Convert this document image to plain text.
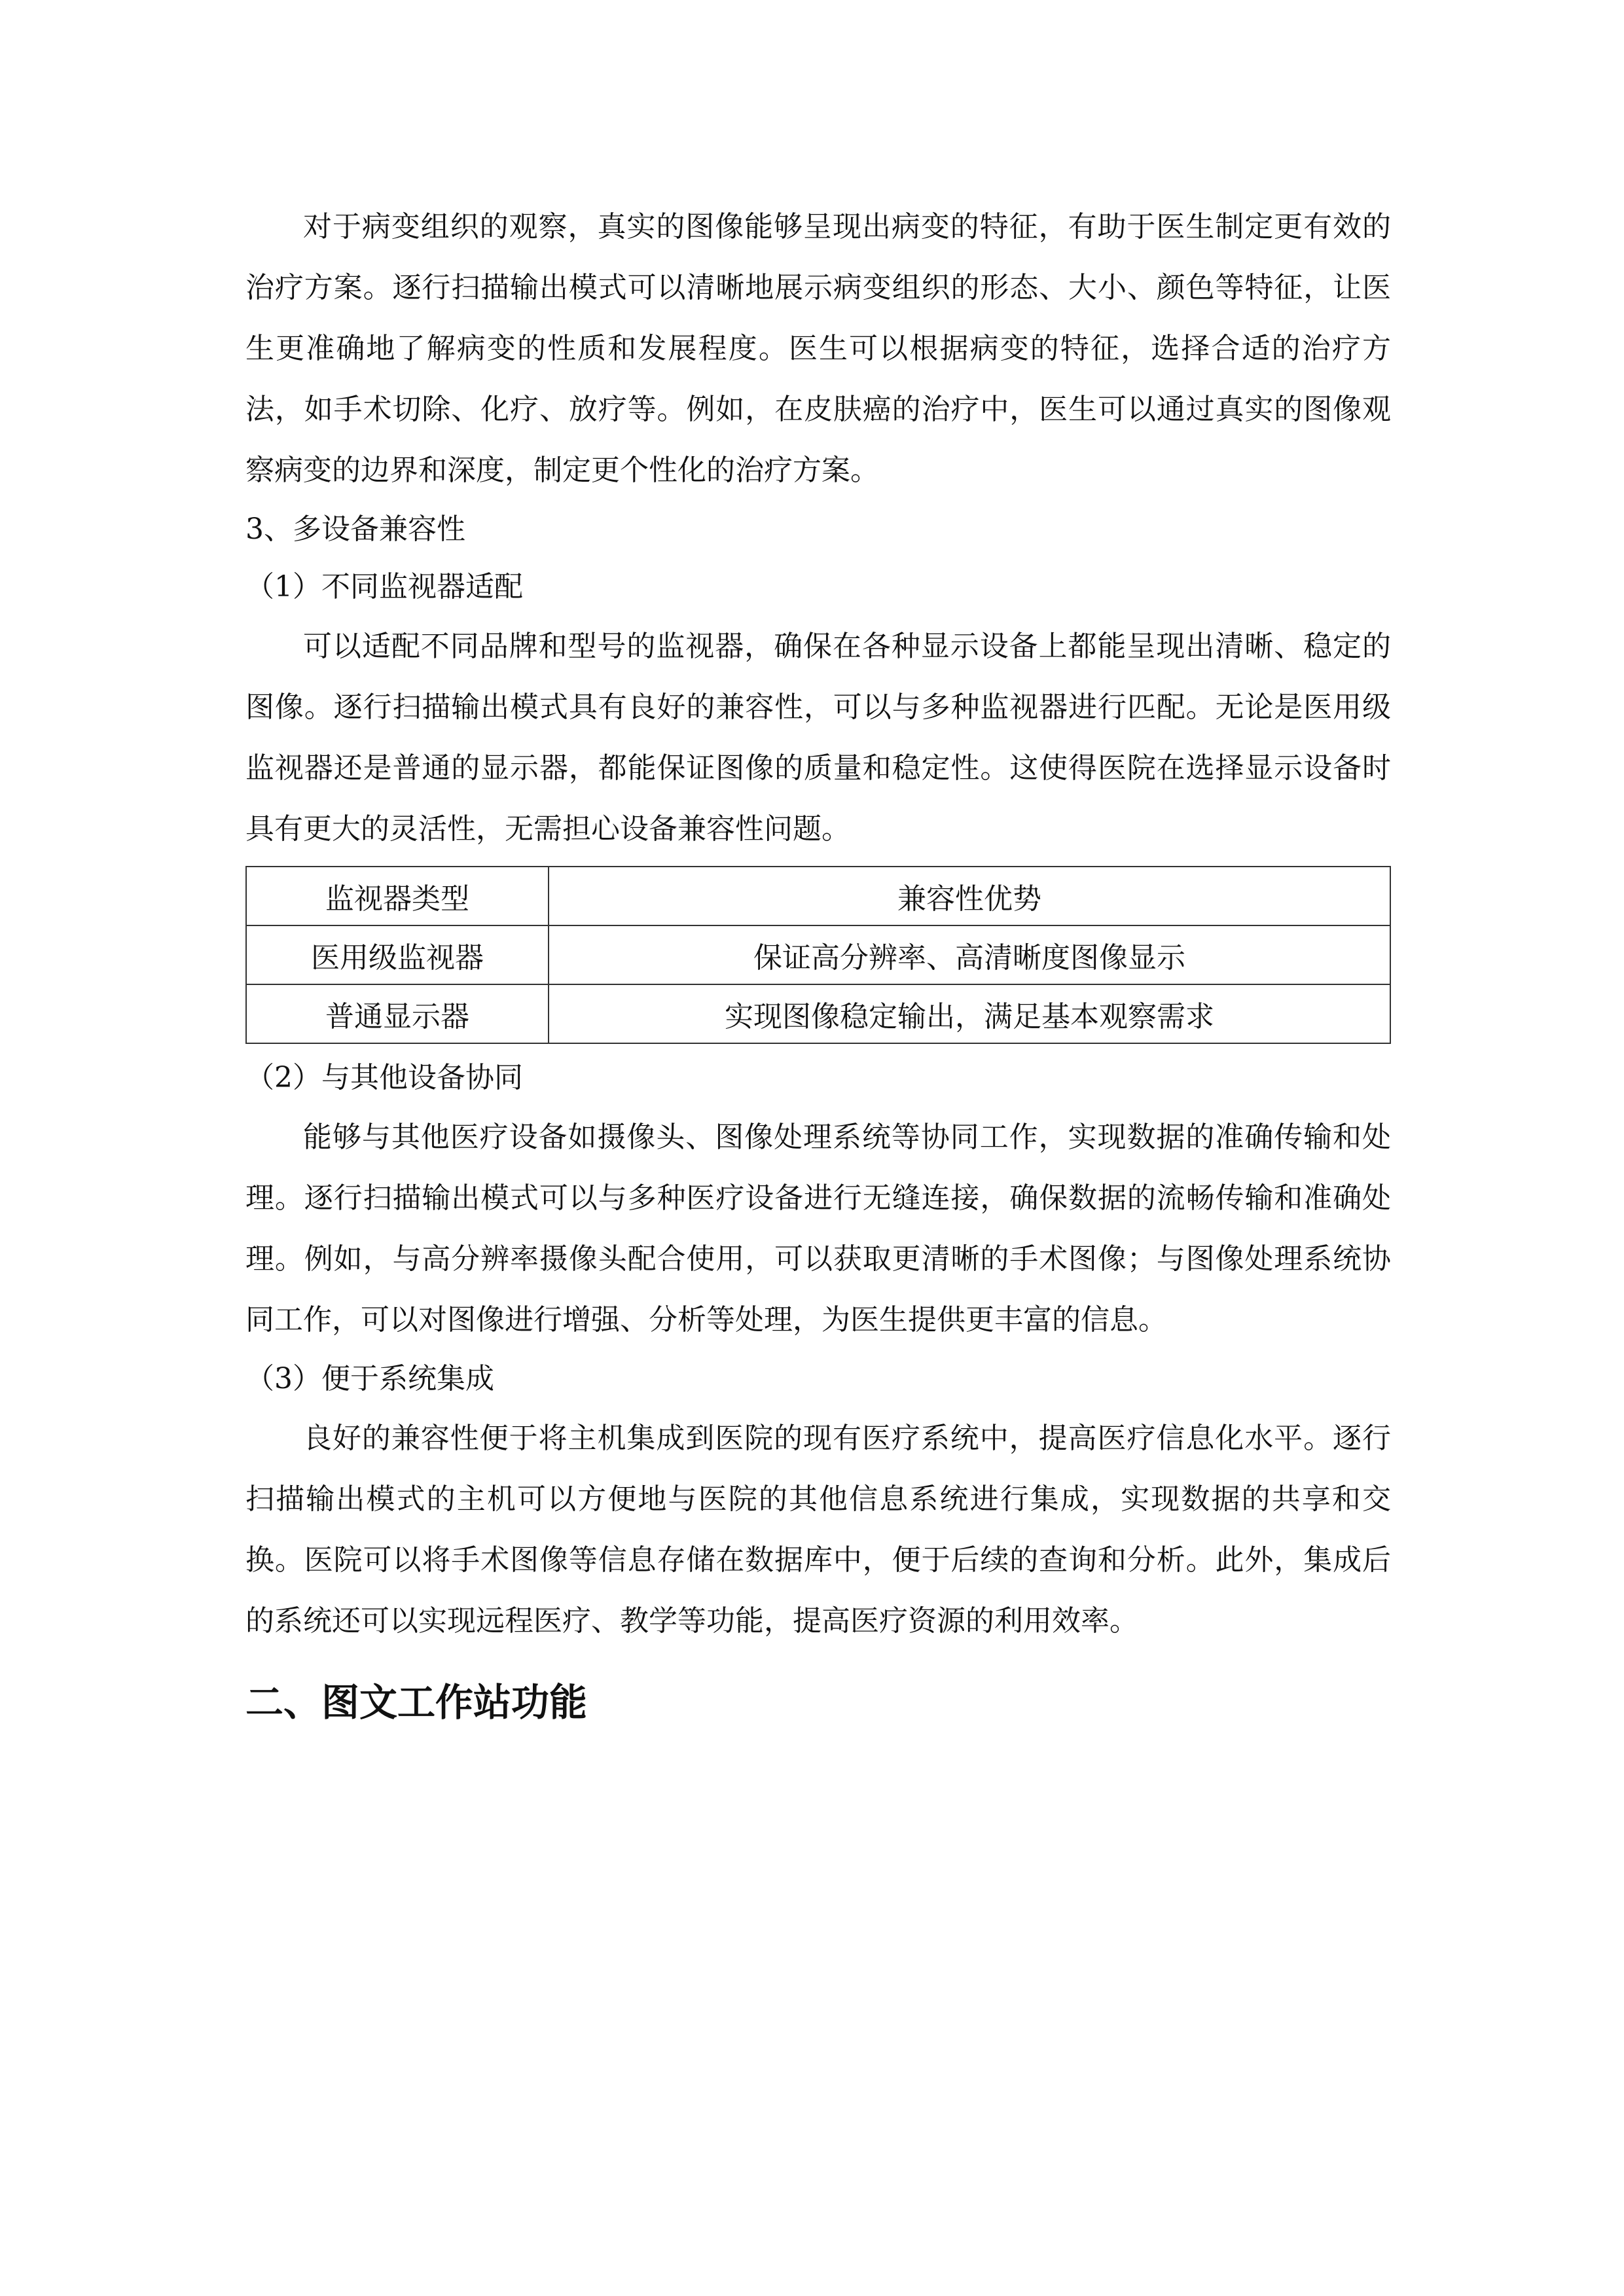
对于病变组织的观察，真实的图像能够呈现出病变的特征，有助于医生制定更有效的治疗方案。逐行扫描输出模式可以清晰地展示病变组织的形态、大小、颜色等特征，让医生更准确地了解病变的性质和发展程度。医生可以根据病变的特征，选择合适的治疗方法，如手术切除、化疗、放疗等。例如，在皮肤癌的治疗中，医生可以通过真实的图像观察病变的边界和深度，制定更个性化的治疗方案。

3、多设备兼容性

（1）不同监视器适配

可以适配不同品牌和型号的监视器，确保在各种显示设备上都能呈现出清晰、稳定的图像。逐行扫描输出模式具有良好的兼容性，可以与多种监视器进行匹配。无论是医用级监视器还是普通的显示器，都能保证图像的质量和稳定性。这使得医院在选择显示设备时具有更大的灵活性，无需担心设备兼容性问题。

监视器类型	兼容性优势
医用级监视器	保证高分辨率、高清晰度图像显示
普通显示器	实现图像稳定输出，满足基本观察需求

（2）与其他设备协同

能够与其他医疗设备如摄像头、图像处理系统等协同工作，实现数据的准确传输和处理。逐行扫描输出模式可以与多种医疗设备进行无缝连接，确保数据的流畅传输和准确处理。例如，与高分辨率摄像头配合使用，可以获取更清晰的手术图像；与图像处理系统协同工作，可以对图像进行增强、分析等处理，为医生提供更丰富的信息。

（3）便于系统集成

良好的兼容性便于将主机集成到医院的现有医疗系统中，提高医疗信息化水平。逐行扫描输出模式的主机可以方便地与医院的其他信息系统进行集成，实现数据的共享和交换。医院可以将手术图像等信息存储在数据库中，便于后续的查询和分析。此外，集成后的系统还可以实现远程医疗、教学等功能，提高医疗资源的利用效率。

二、图文工作站功能
